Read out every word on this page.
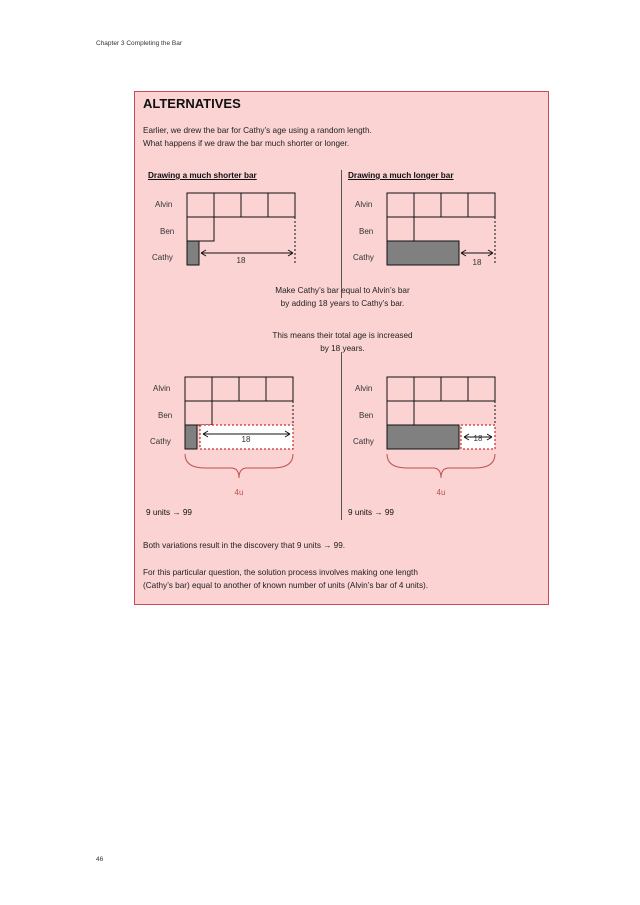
Chapter 3 Completing the Bar
ALTERNATIVES
Earlier, we drew the bar for Cathy’s age using a random length.
What happens if we draw the bar much shorter or longer.
Drawing a much shorter bar	Drawing a much longer bar
Alvin
Ben
Cathy	18
Alvin
Ben
Cathy
18
Make Cathy’s bar equal to Alvin’s bar
by adding 18 years to Cathy’s bar.
This means their total age is increased
by 18 years.
Alvin
Ben
Cathy	18
4u
Alvin
Ben
Cathy	18
4u
9 units → 99	9 units → 99
Both variations result in the discovery that 9 units → 99.
For this particular question, the solution process involves making one length
(Cathy’s bar) equal to another of known number of units (Alvin’s bar of 4 units).
46
